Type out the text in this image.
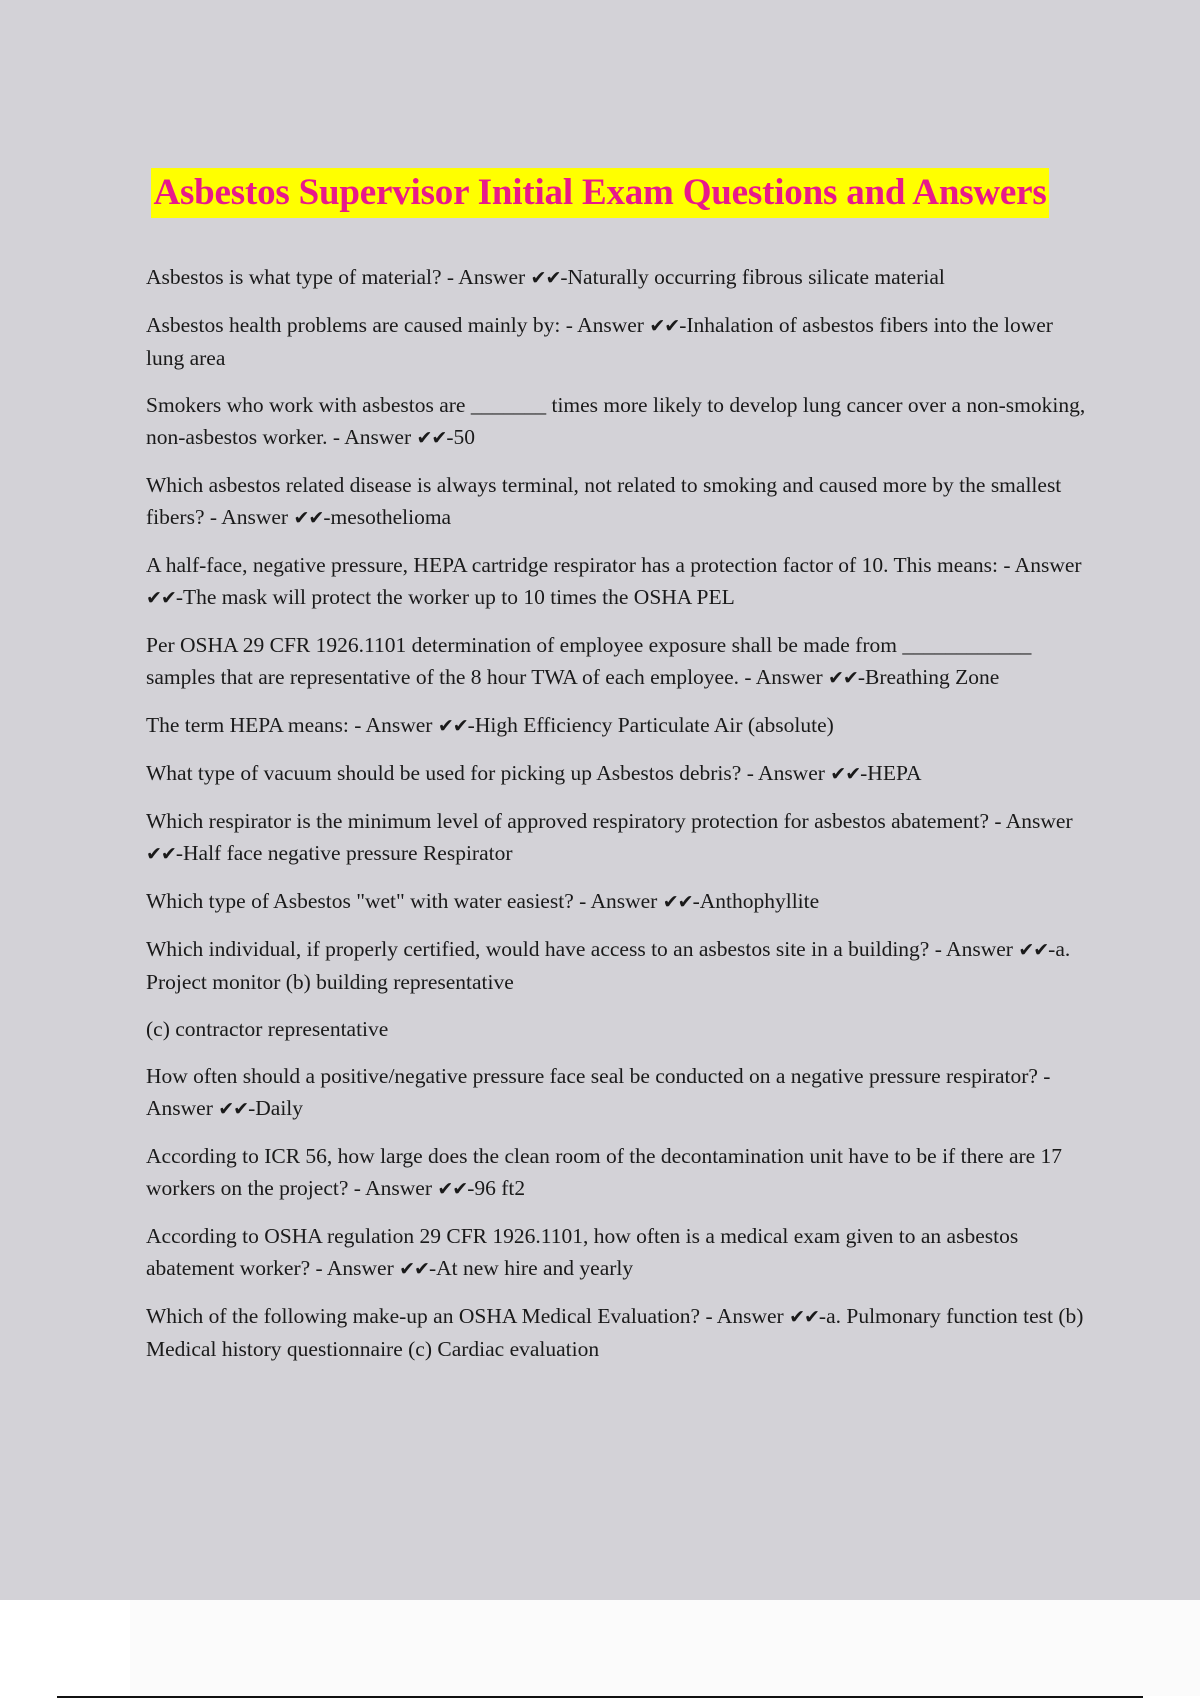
Asbestos Supervisor Initial Exam Questions and Answers

Asbestos is what type of material? - Answer ✔✔-Naturally occurring fibrous silicate material

Asbestos health problems are caused mainly by: - Answer ✔✔-Inhalation of asbestos fibers into the lower lung area

Smokers who work with asbestos are _______ times more likely to develop lung cancer over a non-smoking, non-asbestos worker. - Answer ✔✔-50

Which asbestos related disease is always terminal, not related to smoking and caused more by the smallest fibers? - Answer ✔✔-mesothelioma

A half-face, negative pressure, HEPA cartridge respirator has a protection factor of 10. This means: - Answer ✔✔-The mask will protect the worker up to 10 times the OSHA PEL

Per OSHA 29 CFR 1926.1101 determination of employee exposure shall be made from ____________ samples that are representative of the 8 hour TWA of each employee. - Answer ✔✔-Breathing Zone

The term HEPA means: - Answer ✔✔-High Efficiency Particulate Air (absolute)

What type of vacuum should be used for picking up Asbestos debris? - Answer ✔✔-HEPA

Which respirator is the minimum level of approved respiratory protection for asbestos abatement? - Answer ✔✔-Half face negative pressure Respirator

Which type of Asbestos "wet" with water easiest? - Answer ✔✔-Anthophyllite

Which individual, if properly certified, would have access to an asbestos site in a building? - Answer ✔✔-a. Project monitor (b) building representative

(c) contractor representative

How often should a positive/negative pressure face seal be conducted on a negative pressure respirator? - Answer ✔✔-Daily

According to ICR 56, how large does the clean room of the decontamination unit have to be if there are 17 workers on the project? - Answer ✔✔-96 ft2

According to OSHA regulation 29 CFR 1926.1101, how often is a medical exam given to an asbestos abatement worker? - Answer ✔✔-At new hire and yearly

Which of the following make-up an OSHA Medical Evaluation? - Answer ✔✔-a. Pulmonary function test (b) Medical history questionnaire (c) Cardiac evaluation
